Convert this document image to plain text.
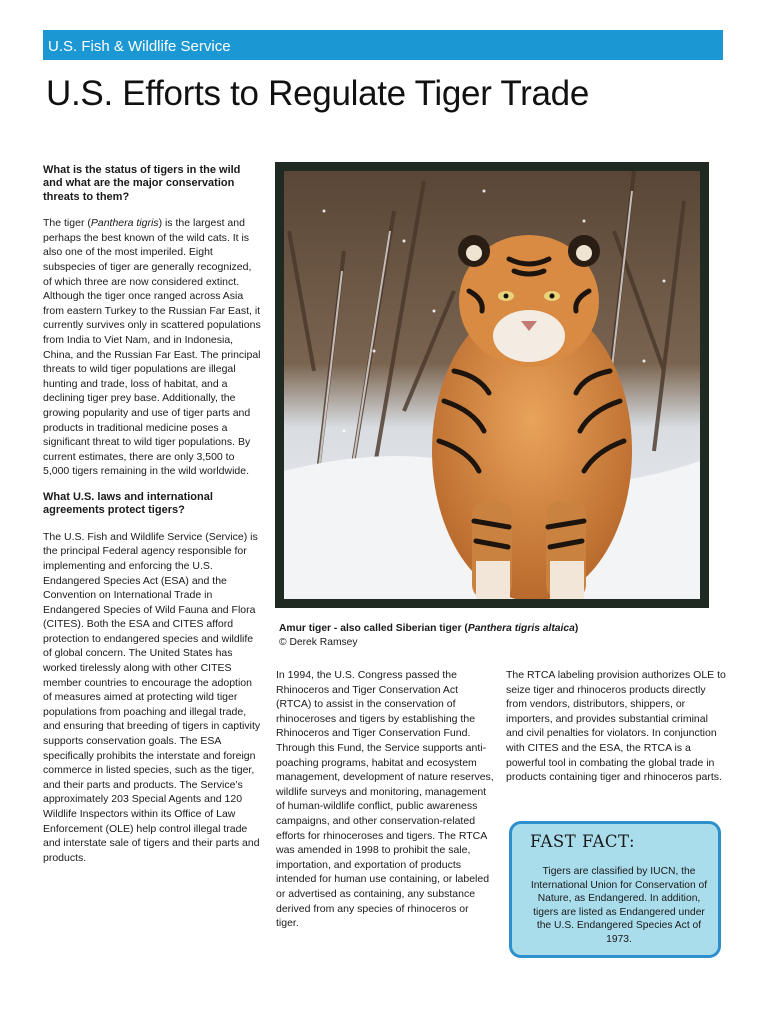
U.S. Fish & Wildlife Service
U.S. Efforts to Regulate Tiger Trade
What is the status of tigers in the wild and what are the major conservation threats to them?

The tiger (Panthera tigris) is the largest and perhaps the best known of the wild cats. It is also one of the most imperiled. Eight subspecies of tiger are generally recognized, of which three are now considered extinct. Although the tiger once ranged across Asia from eastern Turkey to the Russian Far East, it currently survives only in scattered populations from India to Viet Nam, and in Indonesia, China, and the Russian Far East. The principal threats to wild tiger populations are illegal hunting and trade, loss of habitat, and a declining tiger prey base. Additionally, the growing popularity and use of tiger parts and products in traditional medicine poses a significant threat to wild tiger populations. By current estimates, there are only 3,500 to 5,000 tigers remaining in the wild worldwide.

What U.S. laws and international agreements protect tigers?

The U.S. Fish and Wildlife Service (Service) is the principal Federal agency responsible for implementing and enforcing the U.S. Endangered Species Act (ESA) and the Convention on International Trade in Endangered Species of Wild Fauna and Flora (CITES). Both the ESA and CITES afford protection to endangered species and wildlife of global concern. The United States has worked tirelessly along with other CITES member countries to encourage the adoption of measures aimed at protecting wild tiger populations from poaching and illegal trade, and ensuring that breeding of tigers in captivity supports conservation goals. The ESA specifically prohibits the interstate and foreign commerce in listed species, such as the tiger, and their parts and products. The Service’s approximately 203 Special Agents and 120 Wildlife Inspectors within its Office of Law Enforcement (OLE) help control illegal trade and interstate sale of tigers and their parts and products.

Amur tiger - also called Siberian tiger (Panthera tigris altaica)
© Derek Ramsey

In 1994, the U.S. Congress passed the Rhinoceros and Tiger Conservation Act (RTCA) to assist in the conservation of rhinoceroses and tigers by establishing the Rhinoceros and Tiger Conservation Fund. Through this Fund, the Service supports anti-poaching programs, habitat and ecosystem management, development of nature reserves, wildlife surveys and monitoring, management of human-wildlife conflict, public awareness campaigns, and other conservation-related efforts for rhinoceroses and tigers. The RTCA was amended in 1998 to prohibit the sale, importation, and exportation of products intended for human use containing, or labeled or advertised as containing, any substance derived from any species of rhinoceros or tiger.

The RTCA labeling provision authorizes OLE to seize tiger and rhinoceros products directly from vendors, distributors, shippers, or importers, and provides substantial criminal and civil penalties for violators. In conjunction with CITES and the ESA, the RTCA is a powerful tool in combating the global trade in products containing tiger and rhinoceros parts.

FAST FACT:
Tigers are classified by IUCN, the International Union for Conservation of Nature, as Endangered. In addition, tigers are listed as Endangered under the U.S. Endangered Species Act of 1973.
